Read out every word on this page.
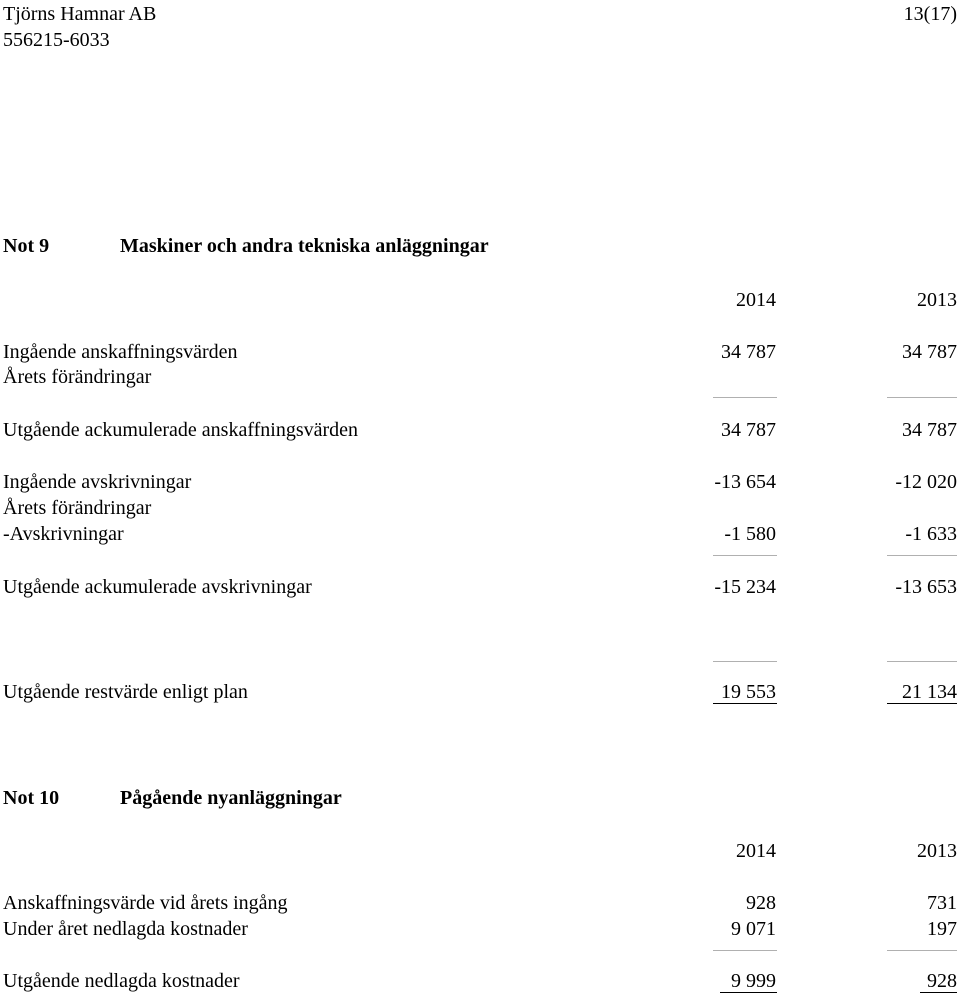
Tjörns Hamnar AB
556215-6033
13(17)
Not 9	Maskiner och andra tekniska anläggningar
2014	2013
Ingående anskaffningsvärden	34 787	34 787
Årets förändringar
Utgående ackumulerade anskaffningsvärden	34 787	34 787
Ingående avskrivningar	-13 654	-12 020
Årets förändringar
-Avskrivningar	-1 580	-1 633
Utgående ackumulerade avskrivningar	-15 234	-13 653
Utgående restvärde enligt plan	19 553	21 134
Not 10	Pågående nyanläggningar
2014	2013
Anskaffningsvärde vid årets ingång	928	731
Under året nedlagda kostnader	9 071	197
Utgående nedlagda kostnader	9 999	928
